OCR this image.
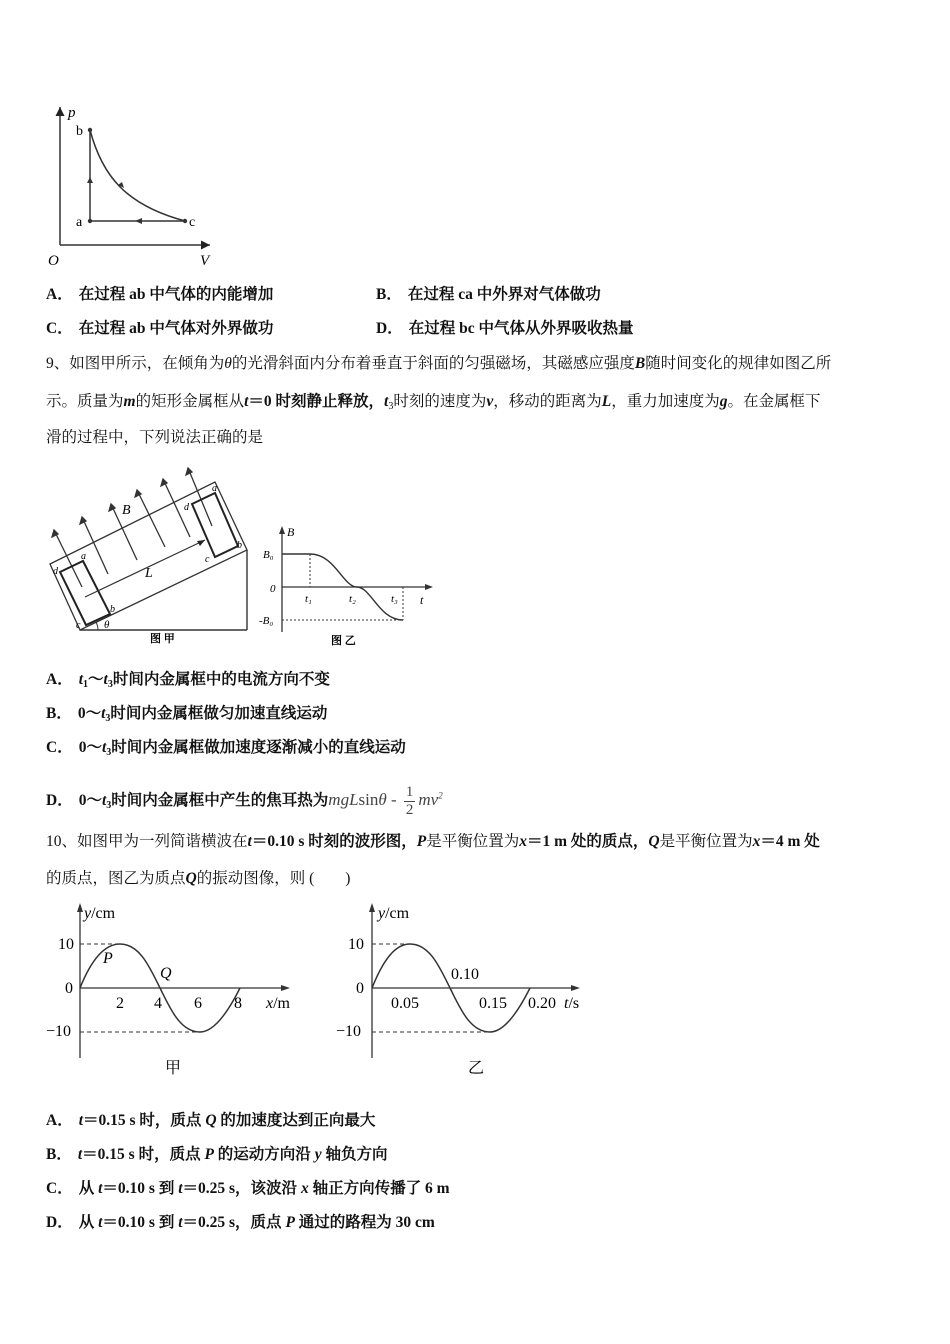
p
O	V
b
a	c
A． 在过程 ab 中气体的内能增加	B． 在过程 ca 中外界对气体做功
C． 在过程 ab 中气体对外界做功	D． 在过程 bc 中气体从外界吸收热量
9、如图甲所示，在倾角为θ的光滑斜面内分布着垂直于斜面的匀强磁场，其磁感应强度B随时间变化的规律如图乙所
示。质量为m的矩形金属框从t＝0 时刻静止释放，$t_3$时刻的速度为v，移动的距离为L，重力加速度为g。在金属框下
滑的过程中，下列说法正确的是
L
B
θ
d
a
b
c
d
a
b
c
图 甲
B
t
B₀
0
-B₀
t₁	t₂	t₃
图 乙
A． $t_1\sim t_3$时间内金属框中的电流方向不变
B． $0\sim t_3$时间内金属框做匀加速直线运动
C． $0\sim t_3$时间内金属框做加速度逐渐减小的直线运动
D． $0\sim t_3$时间内金属框中产生的焦耳热为mgLsinθ - $\frac{1}{2} mv^2$
10、如图甲为一列简谐横波在t＝0.10 s 时刻的波形图，P是平衡位置为x＝1 m 处的质点，Q是平衡位置为x＝4 m 处
的质点，图乙为质点Q的振动图像，则 (　　)
y/cm
10
0
−10
2 4 6 8 x/m
P
Q
甲
y/cm
10
0
−10
0.05
0.10
0.15 0.20 t/s
乙
A． t＝0.15 s 时，质点 Q 的加速度达到正向最大
B． t＝0.15 s 时，质点 P 的运动方向沿 y 轴负方向
C． 从 t＝0.10 s 到 t＝0.25 s，该波沿 x 轴正方向传播了 6 m
D． 从 t＝0.10 s 到 t＝0.25 s，质点 P 通过的路程为 30 cm
